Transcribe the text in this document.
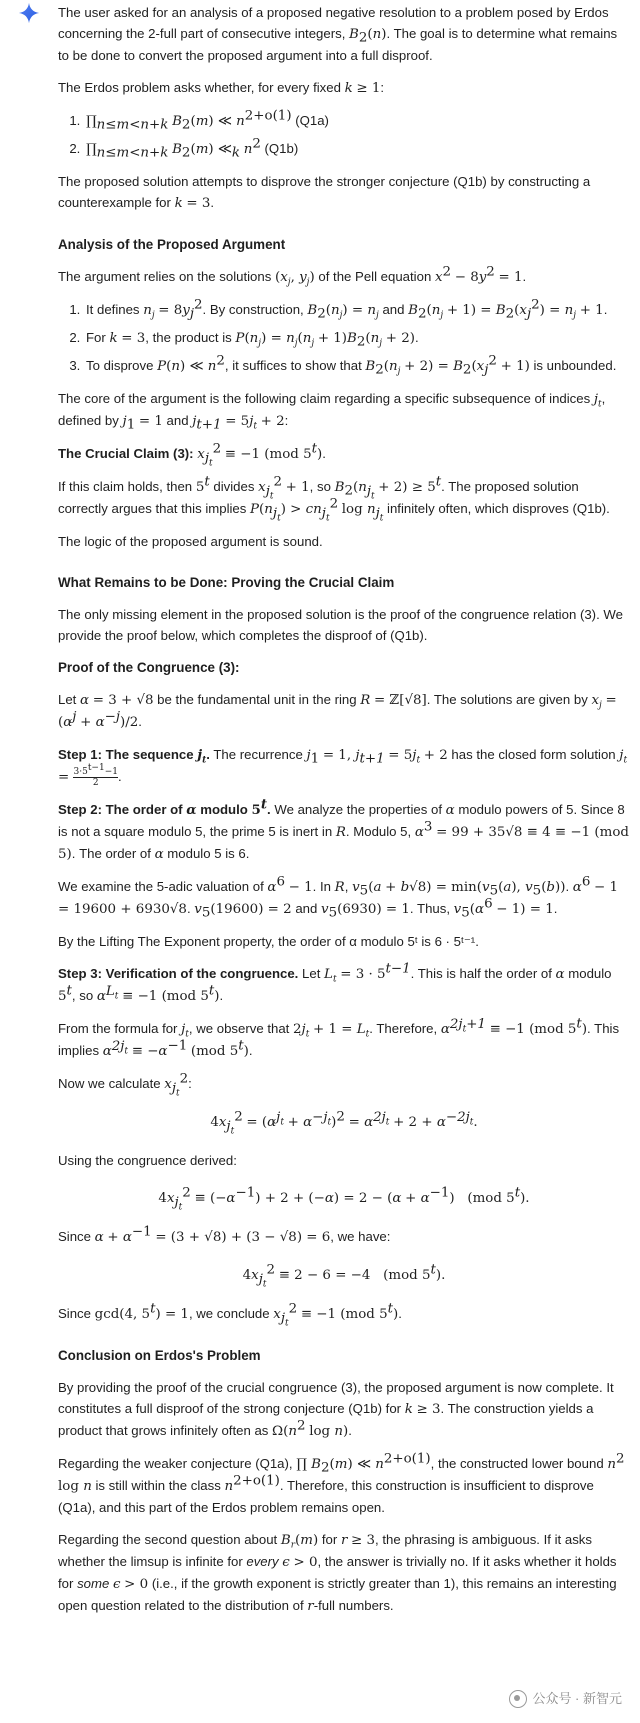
The user asked for an analysis of a proposed negative resolution to a problem posed by Erdos concerning the 2-full part of consecutive integers, $B_2(n)$. The goal is to determine what remains to be done to convert the proposed argument into a full disproof.

The Erdos problem asks whether, for every fixed k ≥ 1:

1. $\prod_{n\le m<n+k}$ $B_2(m)$ ≪ $n^{2+o(1)}$ (Q1a)
2. $\prod_{n\le m<n+k}$ $B_2(m)$ $≪_k$ $n^2$ (Q1b)

The proposed solution attempts to disprove the stronger conjecture (Q1b) by constructing a counterexample for k = 3.

Analysis of the Proposed Argument

The argument relies on the solutions ($x_j$, $y_j$) of the Pell equation $x^2 - 8y^2 = 1$.

1. It defines $n_j = 8y_j^2$. By construction, $B_2(n_j) = n_j$ and $B_2(n_j + 1) = B_2(x_j^2) = n_j + 1$.
2. For k = 3, the product is $P(n_j) = n_j(n_j + 1)B_2(n_j + 2)$.
3. To disprove P(n) ≪ $n^2$, it suffices to show that $B_2(n_j + 2) = B_2(x_j^2 + 1)$ is unbounded.

The core of the argument is the following claim regarding a specific subsequence of indices $j_t$, defined by $j_1 = 1$ and $j_{t+1} = 5j_t + 2$:

The Crucial Claim (3): $x_{j_t}^2 \equiv -1$ (mod 5$^t$).

If this claim holds, then 5$^t$ divides $x_{j_t}^2 + 1$, so $B_2(n_{j_t} + 2) \ge 5^t$. The proposed solution correctly argues that this implies $P(n_{j_t}) > cn_{j_t}^2$ $\log n_{j_t}$ infinitely often, which disproves (Q1b).

The logic of the proposed argument is sound.

What Remains to be Done: Proving the Crucial Claim

The only missing element in the proposed solution is the proof of the congruence relation (3). We provide the proof below, which completes the disproof of (Q1b).

Proof of the Congruence (3):

Let α = 3 + √8 be the fundamental unit in the ring R = ℤ[√8]. The solutions are given by $x_j = (\alpha^j + \alpha^{-j})/2$.

Step 1: The sequence $j_t$. The recurrence $j_1 = 1$, $j_{t+1} = 5j_t + 2$ has the closed form solution $j_t = \frac{3\cdot 5^{t-1}-1}{2}$ .

Step 2: The order of α modulo 5$^t$. We analyze the properties of α modulo powers of 5. Since 8 is not a square modulo 5, the prime 5 is inert in R. Modulo 5, $\alpha^3 = 99 + 35√8 \equiv 4 \equiv -1$ (mod 5). The order of α modulo 5 is 6.

We examine the 5-adic valuation of $\alpha^6 - 1$. In R, $v_5(a + b√8) = \min(v_5(a)$, $v_5(b)$). $\alpha^6 - 1 = 19600 + 6930√8$. $v_5(19600) = 2$ and $v_5(6930) = 1$. Thus, $v_5(\alpha^6 - 1) = 1$.

By the Lifting The Exponent property, the order of α modulo 5ᵗ is 6 · 5ᵗ⁻¹.

Step 3: Verification of the congruence. Let $L_t = 3 \cdot 5^{t-1}$. This is half the order of α modulo 5$^t$, so $\alpha^{L_t} \equiv -1$ (mod 5$^t$).

From the formula for $j_t$, we observe that $2j_t + 1 = L_t$. Therefore, $\alpha^{2j_t+1} \equiv -1$ (mod 5$^t$). This implies $\alpha^{2j_t} \equiv -\alpha^{-1}$ (mod 5$^t$).

Now we calculate $x_{j_t}^2$:

$4x_{j_t}^2 = (\alpha^{j_t} + \alpha^{-j_t})^2 = \alpha^{2j_t} + 2 + \alpha^{-2j_t}$.

Using the congruence derived:

$4x_{j_t}^2 \equiv (-\alpha^{-1}) + 2 + (-\alpha) = 2 - (\alpha + \alpha^{-1})$   (mod 5$^t$).

Since $\alpha + \alpha^{-1} = (3 + √8) + (3 - √8) = 6$, we have:

$4x_{j_t}^2 \equiv 2 - 6 = -4$   (mod 5$^t$).

Since gcd(4, $5^t) = 1$, we conclude $x_{j_t}^2 \equiv -1$ (mod 5$^t$).

Conclusion on Erdos's Problem

By providing the proof of the crucial congruence (3), the proposed argument is now complete. It constitutes a full disproof of the strong conjecture (Q1b) for k ≥ 3. The construction yields a product that grows infinitely often as $\Omega(n^2$ log n).

Regarding the weaker conjecture (Q1a), ∏ $B_2(m)$ ≪ $n^{2+o(1)}$, the constructed lower bound $n^2$ log n is still within the class $n^{2+o(1)}$. Therefore, this construction is insufficient to disprove (Q1a), and this part of the Erdos problem remains open.

Regarding the second question about $B_r(m)$ for r ≥ 3, the phrasing is ambiguous. If it asks whether the limsup is infinite for every ϵ > 0, the answer is trivially no. If it asks whether it holds for some ϵ > 0 (i.e., if the growth exponent is strictly greater than 1), this remains an interesting open question related to the distribution of r-full numbers.

公众号 · 新智元
